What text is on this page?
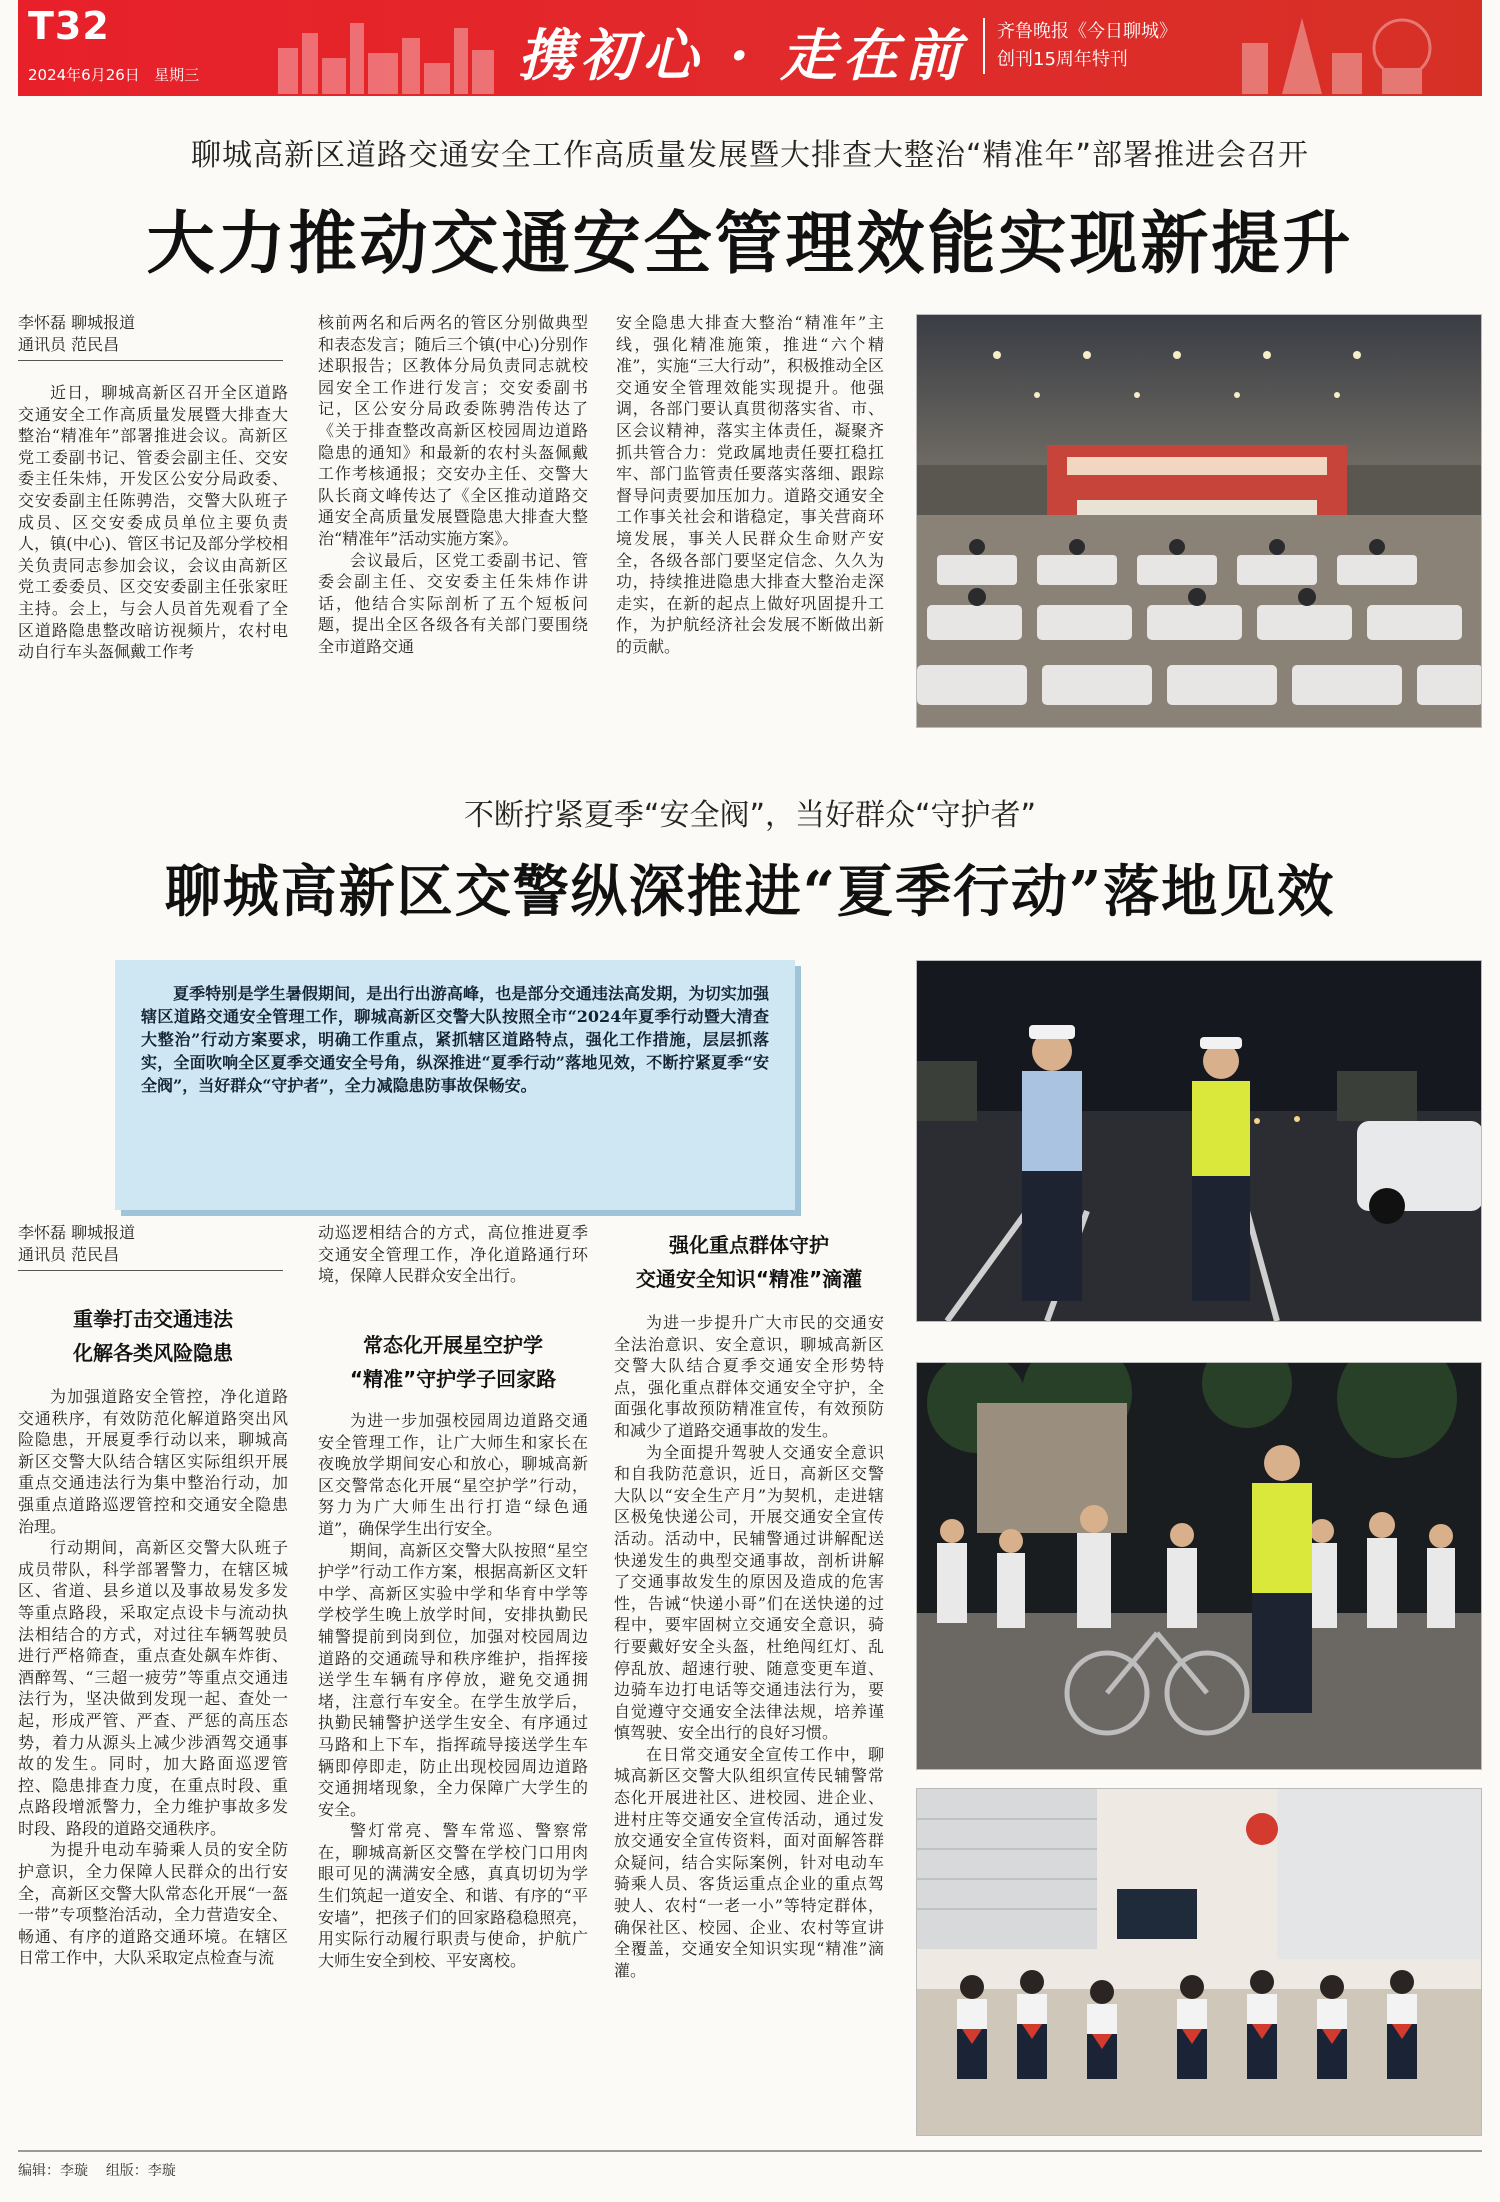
T32
2024年6月26日 星期三	携初心 · 走在前 齐鲁晚报《今日聊城》
创刊15周年特刊
聊城高新区道路交通安全工作高质量发展暨大排查大整治“精准年”部署推进会召开
大力推动交通安全管理效能实现新提升
李怀磊 聊城报道
通讯员 范民昌

近日，聊城高新区召开全区道路交通安全工作高质量发展暨大排查大整治“精准年”部署推进会议。高新区党工委副书记、管委会副主任、交安委主任朱炜，开发区公安分局政委、交安委副主任陈骋浩，交警大队班子成员、区交安委成员单位主要负责人，镇(中心)、管区书记及部分学校相关负责同志参加会议，会议由高新区党工委委员、区交安委副主任张家旺主持。会上，与会人员首先观看了全区道路隐患整改暗访视频片，农村电动自行车头盔佩戴工作考

核前两名和后两名的管区分别做典型和表态发言；随后三个镇(中心)分别作述职报告；区教体分局负责同志就校园安全工作进行发言；交安委副书记，区公安分局政委陈骋浩传达了《关于排查整改高新区校园周边道路隐患的通知》和最新的农村头盔佩戴工作考核通报；交安办主任、交警大队长商文峰传达了《全区推动道路交通安全高质量发展暨隐患大排查大整治“精准年”活动实施方案》。

会议最后，区党工委副书记、管委会副主任、交安委主任朱炜作讲话，他结合实际剖析了五个短板问题，提出全区各级各有关部门要围绕全市道路交通

安全隐患大排查大整治“精准年”主线，强化精准施策，推进“六个精准”，实施“三大行动”，积极推动全区交通安全管理效能实现提升。他强调，各部门要认真贯彻落实省、市、区会议精神，落实主体责任，凝聚齐抓共管合力：党政属地责任要扛稳扛牢、部门监管责任要落实落细、跟踪督导问责要加压加力。道路交通安全工作事关社会和谐稳定，事关营商环境发展，事关人民群众生命财产安全，各级各部门要坚定信念、久久为功，持续推进隐患大排查大整治走深走实，在新的起点上做好巩固提升工作，为护航经济社会发展不断做出新的贡献。

不断拧紧夏季“安全阀”，当好群众“守护者”
聊城高新区交警纵深推进“夏季行动”落地见效

夏季特别是学生暑假期间，是出行出游高峰，也是部分交通违法高发期，为切实加强辖区道路交通安全管理工作，聊城高新区交警大队按照全市“2024年夏季行动暨大清查大整治”行动方案要求，明确工作重点，紧抓辖区道路特点，强化工作措施，层层抓落实，全面吹响全区夏季交通安全号角，纵深推进“夏季行动”落地见效，不断拧紧夏季“安全阀”，当好群众“守护者”，全力减隐患防事故保畅安。

李怀磊 聊城报道
通讯员 范民昌
重拳打击交通违法
化解各类风险隐患

为加强道路安全管控，净化道路交通秩序，有效防范化解道路突出风险隐患，开展夏季行动以来，聊城高新区交警大队结合辖区实际组织开展重点交通违法行为集中整治行动，加强重点道路巡逻管控和交通安全隐患治理。

行动期间，高新区交警大队班子成员带队，科学部署警力，在辖区城区、省道、县乡道以及事故易发多发等重点路段，采取定点设卡与流动执法相结合的方式，对过往车辆驾驶员进行严格筛查，重点查处飙车炸街、酒醉驾、“三超一疲劳”等重点交通违法行为，坚决做到发现一起、查处一起，形成严管、严查、严惩的高压态势，着力从源头上减少涉酒驾交通事故的发生。同时，加大路面巡逻管控、隐患排查力度，在重点时段、重点路段增派警力，全力维护事故多发时段、路段的道路交通秩序。

为提升电动车骑乘人员的安全防护意识，全力保障人民群众的出行安全，高新区交警大队常态化开展“一盔一带”专项整治活动，全力营造安全、畅通、有序的道路交通环境。在辖区日常工作中，大队采取定点检查与流

动巡逻相结合的方式，高位推进夏季交通安全管理工作，净化道路通行环境，保障人民群众安全出行。

常态化开展星空护学
“精准”守护学子回家路

为进一步加强校园周边道路交通安全管理工作，让广大师生和家长在夜晚放学期间安心和放心，聊城高新区交警常态化开展“星空护学”行动，努力为广大师生出行打造“绿色通道”，确保学生出行安全。

期间，高新区交警大队按照“星空护学”行动工作方案，根据高新区文轩中学、高新区实验中学和华育中学等学校学生晚上放学时间，安排执勤民辅警提前到岗到位，加强对校园周边道路的交通疏导和秩序维护，指挥接送学生车辆有序停放，避免交通拥堵，注意行车安全。在学生放学后，执勤民辅警护送学生安全、有序通过马路和上下车，指挥疏导接送学生车辆即停即走，防止出现校园周边道路交通拥堵现象，全力保障广大学生的安全。

警灯常亮、警车常巡、警察常在，聊城高新区交警在学校门口用肉眼可见的满满安全感，真真切切为学生们筑起一道安全、和谐、有序的“平安墙”，把孩子们的回家路稳稳照亮，用实际行动履行职责与使命，护航广大师生安全到校、平安离校。

强化重点群体守护
交通安全知识“精准”滴灌

为进一步提升广大市民的交通安全法治意识、安全意识，聊城高新区交警大队结合夏季交通安全形势特点，强化重点群体交通安全守护，全面强化事故预防精准宣传，有效预防和减少了道路交通事故的发生。

为全面提升驾驶人交通安全意识和自我防范意识，近日，高新区交警大队以“安全生产月”为契机，走进辖区极兔快递公司，开展交通安全宣传活动。活动中，民辅警通过讲解配送快递发生的典型交通事故，剖析讲解了交通事故发生的原因及造成的危害性，告诫“快递小哥”们在送快递的过程中，要牢固树立交通安全意识，骑行要戴好安全头盔，杜绝闯红灯、乱停乱放、超速行驶、随意变更车道、边骑车边打电话等交通违法行为，要自觉遵守交通安全法律法规，培养谨慎驾驶、安全出行的良好习惯。

在日常交通安全宣传工作中，聊城高新区交警大队组织宣传民辅警常态化开展进社区、进校园、进企业、进村庄等交通安全宣传活动，通过发放交通安全宣传资料，面对面解答群众疑问，结合实际案例，针对电动车骑乘人员、客货运重点企业的重点驾驶人、农村“一老一小”等特定群体，确保社区、校园、企业、农村等宣讲全覆盖，交通安全知识实现“精准”滴灌。

编辑：李璇 组版：李璇
